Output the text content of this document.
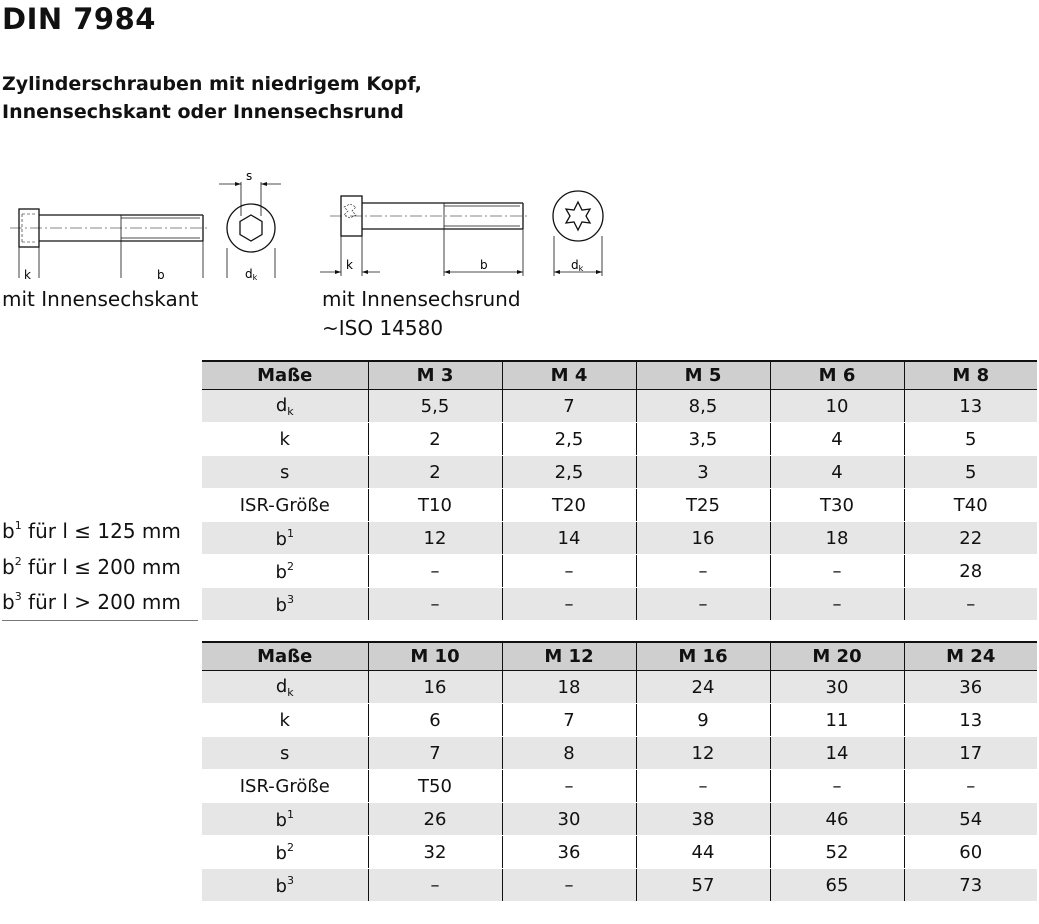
DIN 7984
Zylinderschrauben mit niedrigem Kopf,
Innensechskant oder Innensechsrund
k	b
s
dk
k	b	dk
mit Innensechskant	mit Innensechsrund
~ISO 14580
$b^1$ für l ≤ 125 mm
$b^2$ für l ≤ 200 mm
$b^3$ für l > 200 mm
Maße	M 3	M 4	M 5	M 6	M 8
$d_k$	5,5	7	8,5	10	13
k	2	2,5	3,5	4	5
s	2	2,5	3	4	5
ISR-Größe	T10	T20	T25	T30	T40
$b^1$	12	14	16	18	22
$b^2$	–	–	–	–	28
$b^3$	–	–	–	–	–
Maße	M 10	M 12	M 16	M 20	M 24
$d_k$	16	18	24	30	36
k	6	7	9	11	13
s	7	8	12	14	17
ISR-Größe	T50	–	–	–	–
$b^1$	26	30	38	46	54
$b^2$	32	36	44	52	60
$b^3$	–	–	57	65	73
